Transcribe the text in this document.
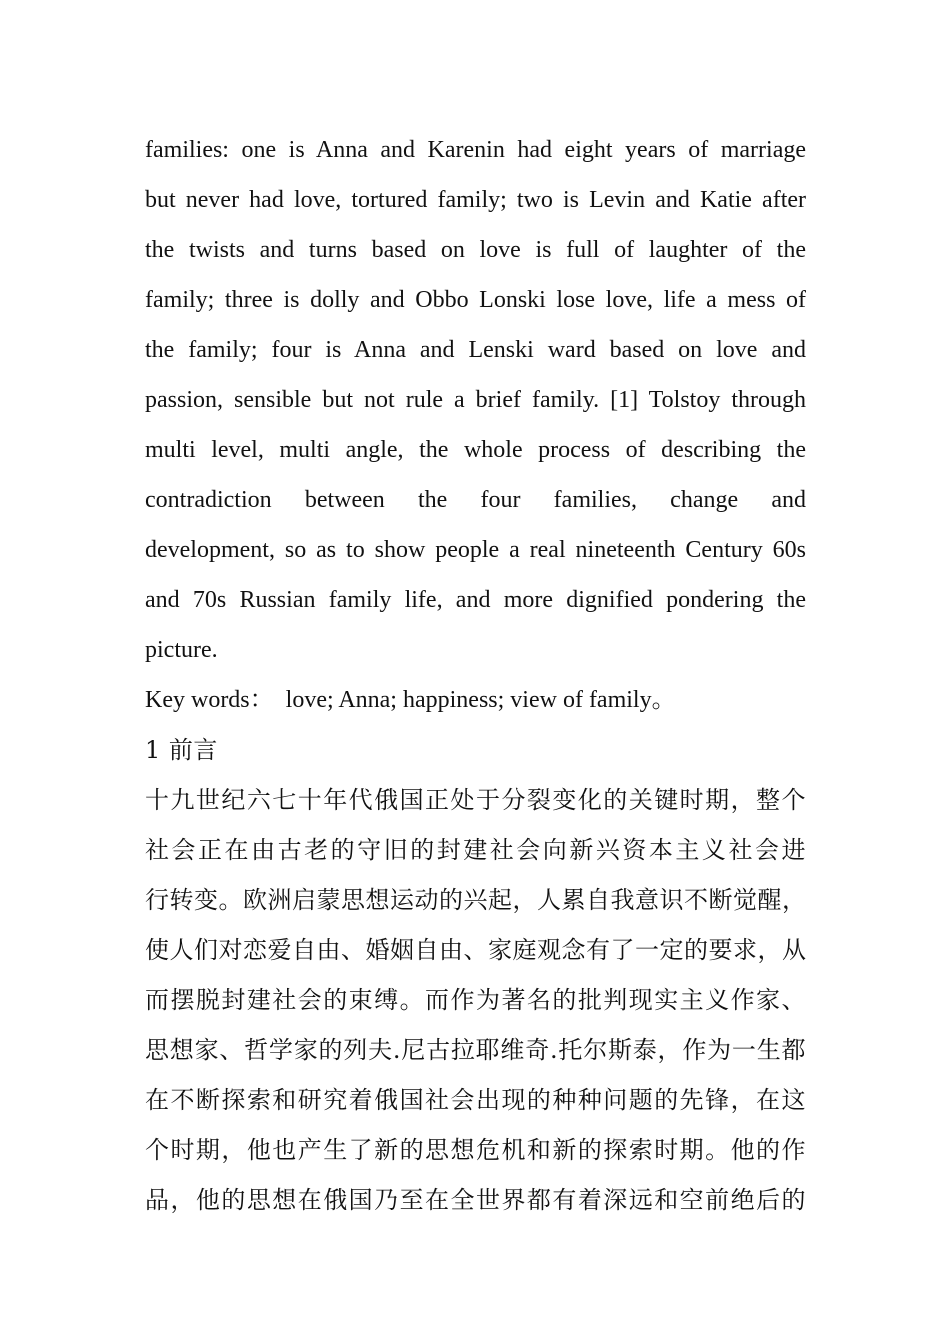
families: one is Anna and Karenin had eight years of marriage
but never had love, tortured family; two is Levin and Katie after
the twists and turns based on love is full of laughter of the
family; three is dolly and Obbo Lonski lose love, life a mess of
the family; four is Anna and Lenski ward based on love and
passion, sensible but not rule a brief family. [1] Tolstoy through
multi level, multi angle, the whole process of describing the
contradiction between the four families, change and
development, so as to show people a real nineteenth Century 60s
and 70s Russian family life, and more dignified pondering the
picture.
Key words： love; Anna; happiness; view of family。
1 前言
十九世纪六七十年代俄国正处于分裂变化的关键时期，整个
社会正在由古老的守旧的封建社会向新兴资本主义社会进
行转变。欧洲启蒙思想运动的兴起，人累自我意识不断觉醒，
使人们对恋爱自由、婚姻自由、家庭观念有了一定的要求，从
而摆脱封建社会的束缚。而作为著名的批判现实主义作家、
思想家、哲学家的列夫.尼古拉耶维奇.托尔斯泰，作为一生都
在不断探索和研究着俄国社会出现的种种问题的先锋，在这
个时期，他也产生了新的思想危机和新的探索时期。他的作
品，他的思想在俄国乃至在全世界都有着深远和空前绝后的
